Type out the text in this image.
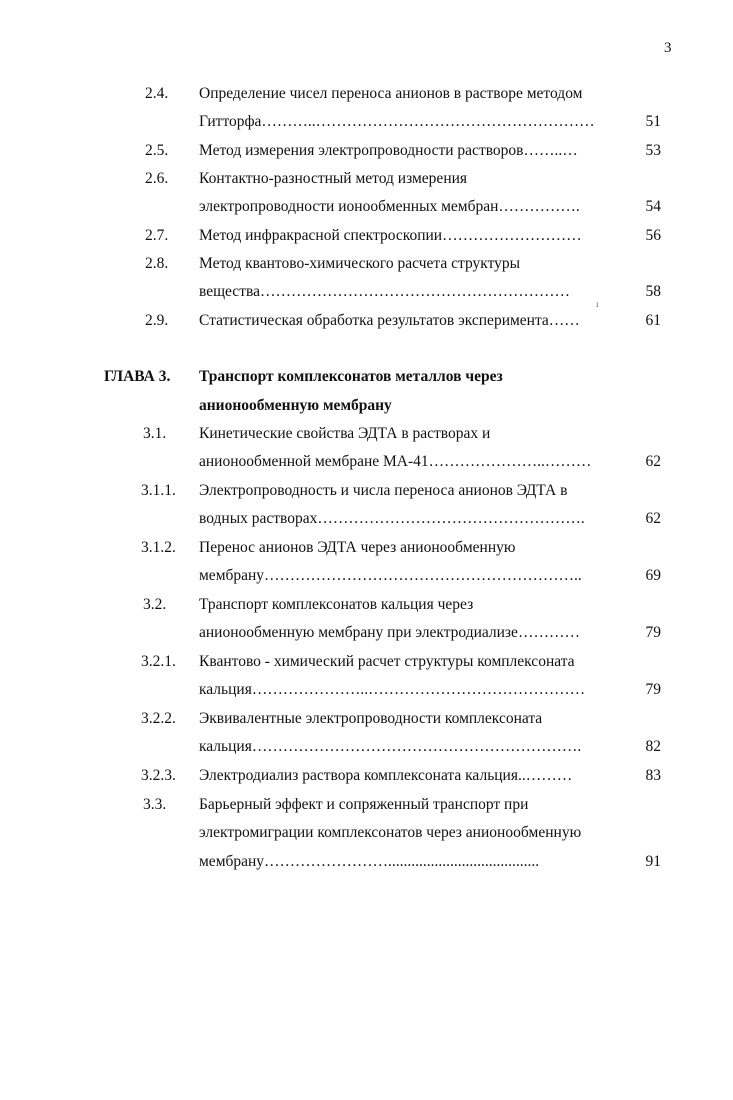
3
2.4. Определение чисел переноса анионов в растворе методом
Гитторфа………..………………………………………………	51
2.5. Метод измерения электропроводности растворов……..…	53
2.6. Контактно-разностный метод измерения
электропроводности ионообменных мембран…………….	54
2.7. Метод инфракрасной спектроскопии………………………	56
2.8. Метод квантово-химического расчета структуры
вещества……………………………………………………	58
2.9. Статистическая обработка результатов эксперимента……	61
ı
ГЛАВА 3. Транспорт комплексонатов металлов через
анионообменную мембрану
3.1. Кинетические свойства ЭДТА в растворах и
анионообменной мембране МА-41…………………..………	62
3.1.1. Электропроводность и числа переноса анионов ЭДТА в
водных растворах…………………………………………….	62
3.1.2. Перенос анионов ЭДТА через анионообменную
мембрану……………………………………………………..	69
3.2. Транспорт комплексонатов кальция через
анионообменную мембрану при электродиализе…………	79
3.2.1. Квантово - химический расчет структуры комплексоната
кальция…………………..……………………………………	79
3.2.2. Эквивалентные электропроводности комплексоната
кальция……………………………………………………….	82
3.2.3. Электродиализ раствора комплексоната кальция..………	83
3.3. Барьерный эффект и сопряженный транспорт при
электромиграции комплексонатов через анионообменную
мембрану…………………….......................................	91
